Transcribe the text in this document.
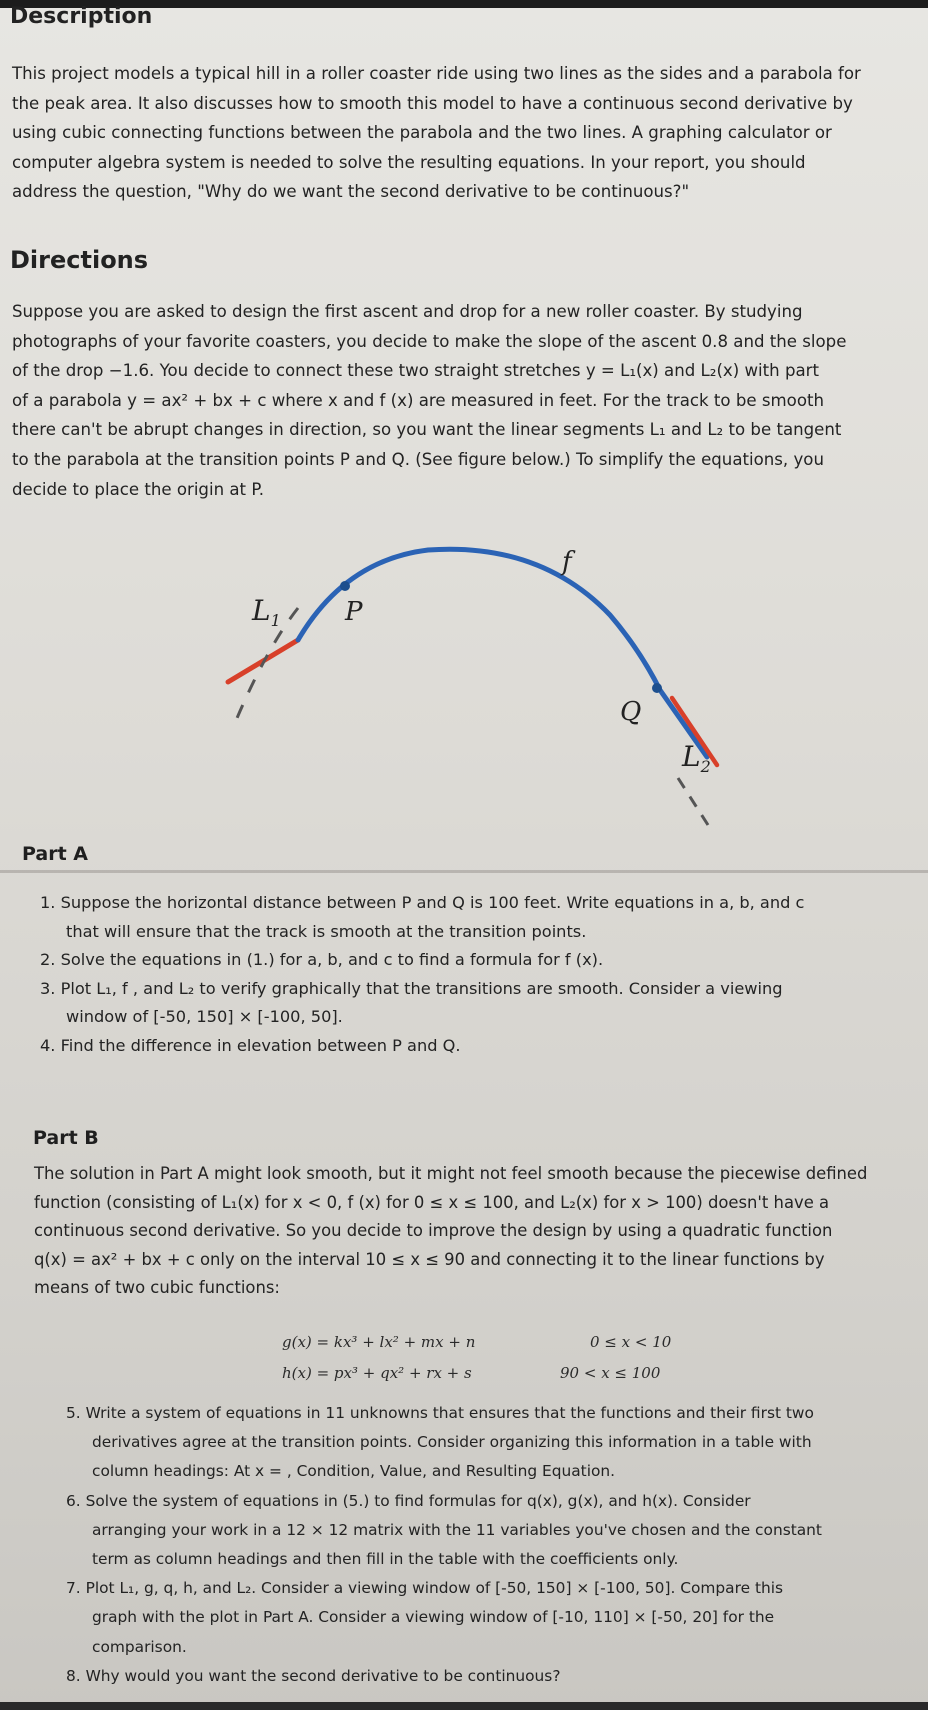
Description
This project models a typical hill in a roller coaster ride using two lines as the sides and a parabola for
the peak area. It also discusses how to smooth this model to have a continuous second derivative by
using cubic connecting functions between the parabola and the two lines. A graphing calculator or
computer algebra system is needed to solve the resulting equations. In your report, you should
address the question, "Why do we want the second derivative to be continuous?"
Directions
Suppose you are asked to design the first ascent and drop for a new roller coaster. By studying
photographs of your favorite coasters, you decide to make the slope of the ascent 0.8 and the slope
of the drop −1.6. You decide to connect these two straight stretches y = L₁(x) and L₂(x) with part
of a parabola y = ax² + bx + c where x and f (x) are measured in feet. For the track to be smooth
there can't be abrupt changes in direction, so you want the linear segments L₁ and L₂ to be tangent
to the parabola at the transition points P and Q. (See figure below.) To simplify the equations, you
decide to place the origin at P.
$L_1$ P
f
Q
$L_2$
Part A
1. Suppose the horizontal distance between P and Q is 100 feet. Write equations in a, b, and c
that will ensure that the track is smooth at the transition points.
2. Solve the equations in (1.) for a, b, and c to find a formula for f (x).
3. Plot L₁, f , and L₂ to verify graphically that the transitions are smooth. Consider a viewing
window of [-50, 150] × [-100, 50].
4. Find the difference in elevation between P and Q.
Part B
The solution in Part A might look smooth, but it might not feel smooth because the piecewise defined
function (consisting of L₁(x) for x < 0, f (x) for 0 ≤ x ≤ 100, and L₂(x) for x > 100) doesn't have a
continuous second derivative. So you decide to improve the design by using a quadratic function
q(x) = ax² + bx + c only on the interval 10 ≤ x ≤ 90 and connecting it to the linear functions by
means of two cubic functions:
g(x) = kx³ + lx² + mx + n	0 ≤ x < 10
h(x) = px³ + qx² + rx + s	90 < x ≤ 100
5. Write a system of equations in 11 unknowns that ensures that the functions and their first two
derivatives agree at the transition points. Consider organizing this information in a table with
column headings: At x = , Condition, Value, and Resulting Equation.
6. Solve the system of equations in (5.) to find formulas for q(x), g(x), and h(x). Consider
arranging your work in a 12 × 12 matrix with the 11 variables you've chosen and the constant
term as column headings and then fill in the table with the coefficients only.
7. Plot L₁, g, q, h, and L₂. Consider a viewing window of [-50, 150] × [-100, 50]. Compare this
graph with the plot in Part A. Consider a viewing window of [-10, 110] × [-50, 20] for the
comparison.
8. Why would you want the second derivative to be continuous?
